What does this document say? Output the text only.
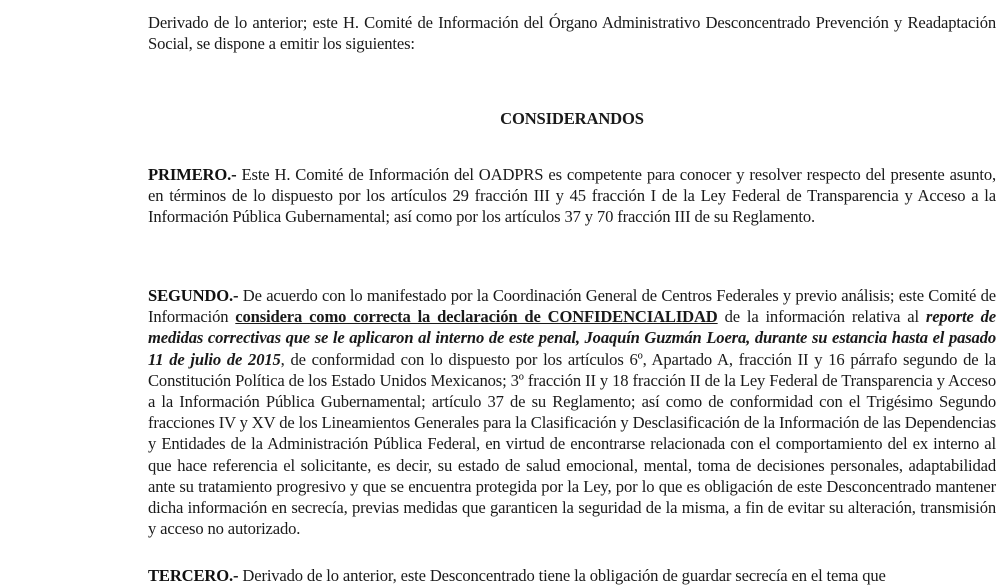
Derivado de lo anterior; este H. Comité de Información del Órgano Administrativo Desconcentrado Prevención y Readaptación Social, se dispone a emitir los siguientes:

CONSIDERANDOS

PRIMERO.- Este H. Comité de Información del OADPRS es competente para conocer y resolver respecto del presente asunto, en términos de lo dispuesto por los artículos 29 fracción III y 45 fracción I de la Ley Federal de Transparencia y Acceso a la Información Pública Gubernamental; así como por los artículos 37 y 70 fracción III de su Reglamento.

SEGUNDO.- De acuerdo con lo manifestado por la Coordinación General de Centros Federales y previo análisis; este Comité de Información considera como correcta la declaración de CONFIDENCIALIDAD de la información relativa al reporte de medidas correctivas que se le aplicaron al interno de este penal, Joaquín Guzmán Loera, durante su estancia hasta el pasado 11 de julio de 2015, de conformidad con lo dispuesto por los artículos 6º, Apartado A, fracción II y 16 párrafo segundo de la Constitución Política de los Estado Unidos Mexicanos; 3º fracción II y 18 fracción II de la Ley Federal de Transparencia y Acceso a la Información Pública Gubernamental; artículo 37 de su Reglamento; así como de conformidad con el Trigésimo Segundo fracciones IV y XV de los Lineamientos Generales para la Clasificación y Desclasificación de la Información de las Dependencias y Entidades de la Administración Pública Federal, en virtud de encontrarse relacionada con el comportamiento del ex interno al que hace referencia el solicitante, es decir, su estado de salud emocional, mental, toma de decisiones personales, adaptabilidad ante su tratamiento progresivo y que se encuentra protegida por la Ley, por lo que es obligación de este Desconcentrado mantener dicha información en secrecía, previas medidas que garanticen la seguridad de la misma, a fin de evitar su alteración, transmisión y acceso no autorizado.

TERCERO.- Derivado de lo anterior, este Desconcentrado tiene la obligación de guardar secrecía en el tema que
